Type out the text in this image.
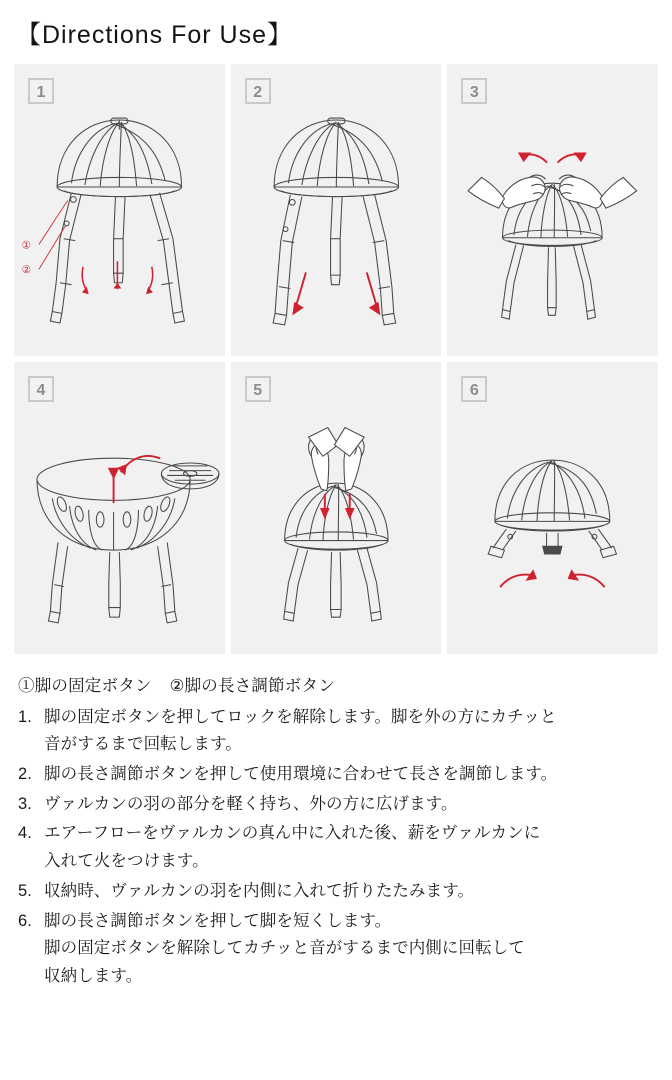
【Directions For Use】
1
①
②
2	3
4	5	6
①脚の固定ボタン ②脚の長さ調節ボタン
1. 脚の固定ボタンを押してロックを解除します。脚を外の方にカチッと
音がするまで回転します。
2. 脚の長さ調節ボタンを押して使用環境に合わせて長さを調節します。
3. ヴァルカンの羽の部分を軽く持ち、外の方に広げます。
4. エアーフローをヴァルカンの真ん中に入れた後、薪をヴァルカンに
入れて火をつけます。
5. 収納時、ヴァルカンの羽を内側に入れて折りたたみます。
6. 脚の長さ調節ボタンを押して脚を短くします。
脚の固定ボタンを解除してカチッと音がするまで内側に回転して
収納します。
